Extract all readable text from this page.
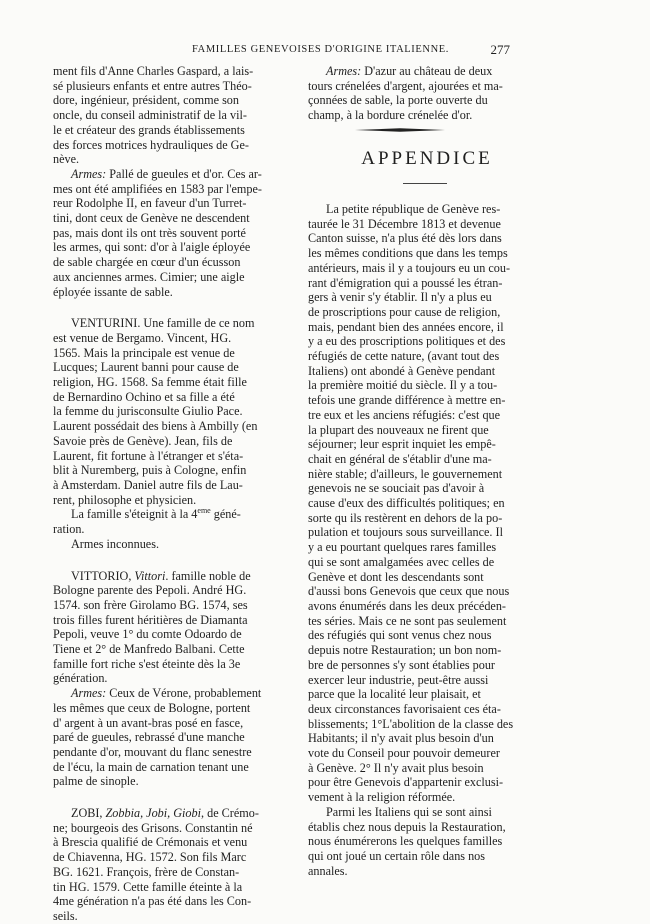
FAMILLES GENEVOISES D'ORIGINE ITALIENNE.	277

ment fils d'Anne Charles Gaspard, a lais-

sé plusieurs enfants et entre autres Théo-

dore, ingénieur, président, comme son

oncle, du conseil administratif de la vil-

le et créateur des grands établissements

des forces motrices hydrauliques de Ge-

nève.

Armes: Pallé de gueules et d'or. Ces ar-

mes ont été amplifiées en 1583 par l'empe-

reur Rodolphe II, en faveur d'un Turret-

tini, dont ceux de Genève ne descendent

pas, mais dont ils ont très souvent porté

les armes, qui sont: d'or à l'aigle éployée

de sable chargée en cœur d'un écusson

aux anciennes armes. Cimier; une aigle

éployée issante de sable.

VENTURINI. Une famille de ce nom

est venue de Bergamo. Vincent, HG.

1565. Mais la principale est venue de

Lucques; Laurent banni pour cause de

religion, HG. 1568. Sa femme était fille

de Bernardino Ochino et sa fille a été

la femme du jurisconsulte Giulio Pace.

Laurent possédait des biens à Ambilly (en

Savoie près de Genève). Jean, fils de

Laurent, fit fortune à l'étranger et s'éta-

blit à Nuremberg, puis à Cologne, enfin

à Amsterdam. Daniel autre fils de Lau-

rent, philosophe et physicien.

La famille s'éteignit à la 4eme géné-

ration.

Armes inconnues.

VITTORIO, Vittori. famille noble de

Bologne parente des Pepoli. André HG.

1574. son frère Girolamo BG. 1574, ses

trois filles furent héritières de Diamanta

Pepoli, veuve 1° du comte Odoardo de

Tiene et 2° de Manfredo Balbani. Cette

famille fort riche s'est éteinte dès la 3e

génération.

Armes: Ceux de Vérone, probablement

les mêmes que ceux de Bologne, portent

d' argent à un avant-bras posé en fasce,

paré de gueules, rebrassé d'une manche

pendante d'or, mouvant du flanc senestre

de l'écu, la main de carnation tenant une

palme de sinople.

ZOBI, Zobbia, Jobi, Giobi, de Crémo-

ne; bourgeois des Grisons. Constantin né

à Brescia qualifié de Crémonais et venu

de Chiavenna, HG. 1572. Son fils Marc

BG. 1621. François, frère de Constan-

tin HG. 1579. Cette famille éteinte à la

4me génération n'a pas été dans les Con-

seils.

Armes: D'azur au château de deux

tours crénelées d'argent, ajourées et ma-

çonnées de sable, la porte ouverte du

champ, à la bordure crénelée d'or.

APPENDICE

La petite république de Genève res-

taurée le 31 Décembre 1813 et devenue

Canton suisse, n'a plus été dès lors dans

les mêmes conditions que dans les temps

antérieurs, mais il y a toujours eu un cou-

rant d'émigration qui a poussé les étran-

gers à venir s'y établir. Il n'y a plus eu

de proscriptions pour cause de religion,

mais, pendant bien des années encore, il

y a eu des proscriptions politiques et des

réfugiés de cette nature, (avant tout des

Italiens) ont abondé à Genève pendant

la première moitié du siècle. Il y a tou-

tefois une grande différence à mettre en-

tre eux et les anciens réfugiés: c'est que

la plupart des nouveaux ne firent que

séjourner; leur esprit inquiet les empê-

chait en général de s'établir d'une ma-

nière stable; d'ailleurs, le gouvernement

genevois ne se souciait pas d'avoir à

cause d'eux des difficultés politiques; en

sorte qu ils restèrent en dehors de la po-

pulation et toujours sous surveillance. Il

y a eu pourtant quelques rares familles

qui se sont amalgamées avec celles de

Genève et dont les descendants sont

d'aussi bons Genevois que ceux que nous

avons énumérés dans les deux précéden-

tes séries. Mais ce ne sont pas seulement

des réfugiés qui sont venus chez nous

depuis notre Restauration; un bon nom-

bre de personnes s'y sont établies pour

exercer leur industrie, peut-être aussi

parce que la localité leur plaisait, et

deux circonstances favorisaient ces éta-

blissements; 1°L'abolition de la classe des

Habitants; il n'y avait plus besoin d'un

vote du Conseil pour pouvoir demeurer

à Genève. 2° Il n'y avait plus besoin

pour être Genevois d'appartenir exclusi-

vement à la religion réformée.

Parmi les Italiens qui se sont ainsi

établis chez nous depuis la Restauration,

nous énumérerons les quelques familles

qui ont joué un certain rôle dans nos

annales.
